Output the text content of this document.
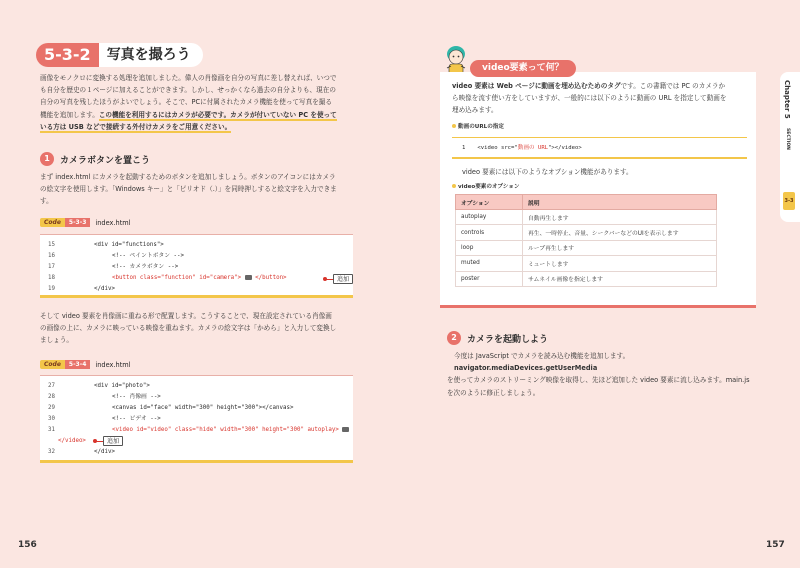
5-3-2	写真を撮ろう
画像をモノクロに変換する処理を追加しました。偉人の肖像画を自分の写真に差し替えれば、いつで
も自分を歴史の１ページに加えることができます。しかし、せっかくなら過去の自分よりも、現在の
自分の写真を残したほうがよいでしょう。そこで、PCに付属されたカメラ機能を使って写真を撮る
機能を追加します。この機能を利用するにはカメラが必要です。カメラが付いていない PC を使って
いる方は USB などで接続する外付けカメラをご用意ください。
1	カメラボタンを置こう
まず index.html にカメラを起動するためのボタンを追加しましょう。ボタンのアイコンにはカメラ
の絵文字を使用します。「Windows キー」と「ピリオド（.）」を同時押しすると絵文字を入力できま
す。
Code	5-3-3	index.html
15	<div id="functions">
16	<!-- ペイントボタン -->
17	<!-- カメラボタン -->
18	<button class="function" id="camera"> </button>
19	</div>
追加
そして video 要素を肖像画に重ねる形で配置します。こうすることで、現在設定されている肖像画
の画像の上に、カメラに映っている映像を重ねます。カメラの絵文字は「かめら」と入力して変換し
ましょう。
Code	5-3-4	index.html
27	<div id="photo">
28	<!-- 肖像画 -->
29	<canvas id="face" width="300" height="300"></canvas>
30	<!-- ビデオ -->
31	<video id="video" class="hide" width="300" height="300" autoplay>
</video>
32	</div>
追加
156
video要素って何？
video 要素は Web ページに動画を埋め込むためのタグです。この書籍では PC のカメラか
ら映像を流す使い方をしていますが、一般的には以下のように動画の URL を指定して動画を
埋め込みます。
動画のURLの指定
1 <video src="動画の URL"></video>
video 要素には以下のようなオプション機能があります。
video要素のオプション
オプション	説明
autoplay	自動再生します
controls	再生、一時停止、音量、シークバーなどのUIを表示します
loop	ループ再生します
muted	ミュートします
poster	サムネイル画像を指定します
2	カメラを起動しよう
今度は JavaScript でカメラを読み込む機能を追加します。navigator.mediaDevices.getUserMedia
を使ってカメラのストリーミング映像を取得し、先ほど追加した video 要素に流し込みます。main.js
を次のように修正しましょう。
Chapter 5
SECTION
3-3
157
